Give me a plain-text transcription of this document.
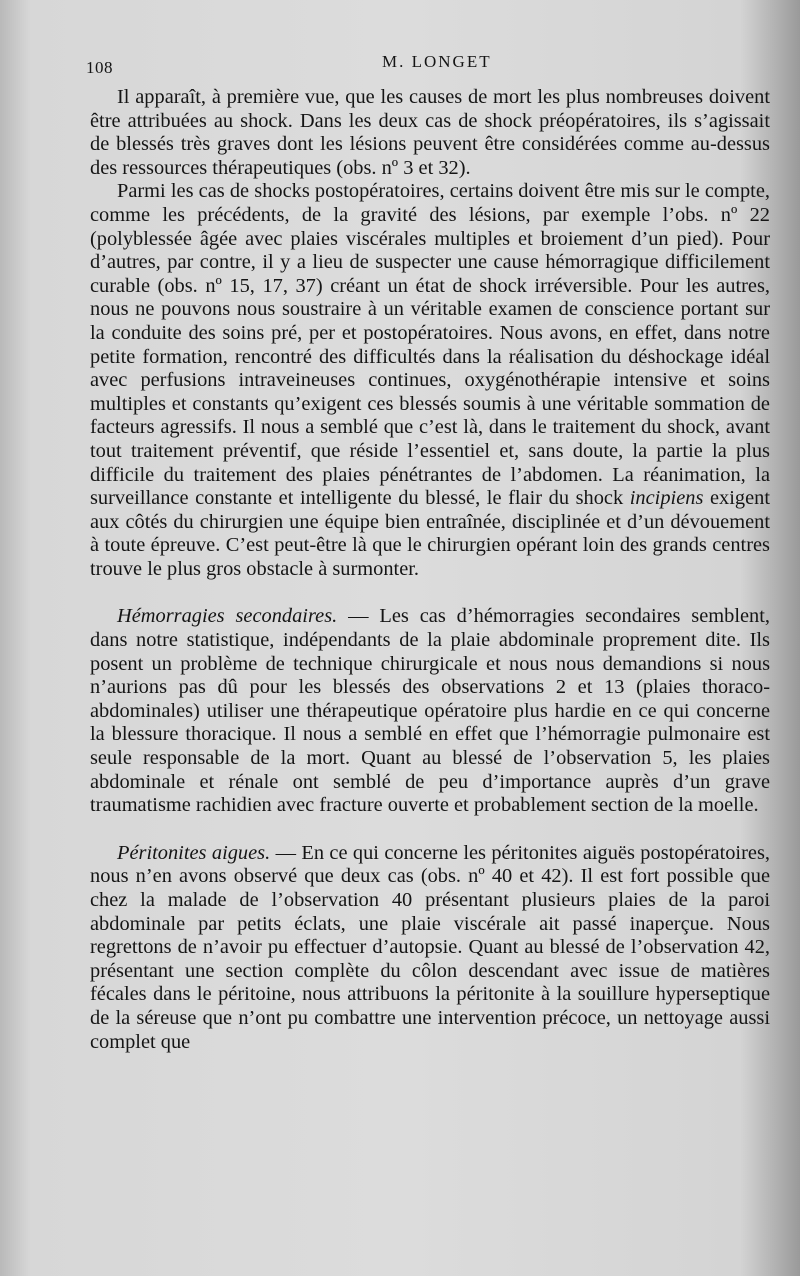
108	M. LONGET

Il apparaît, à première vue, que les causes de mort les plus nombreuses doivent être attribuées au shock. Dans les deux cas de shock préopératoires, ils s’agissait de blessés très graves dont les lésions peuvent être considérées comme au-dessus des ressources thérapeutiques (obs. nº 3 et 32).

Parmi les cas de shocks postopératoires, certains doivent être mis sur le compte, comme les précédents, de la gravité des lésions, par exemple l’obs. nº 22 (polyblessée âgée avec plaies viscérales multiples et broiement d’un pied). Pour d’autres, par contre, il y a lieu de suspecter une cause hémorragique difficilement curable (obs. nº 15, 17, 37) créant un état de shock irréversible. Pour les autres, nous ne pouvons nous soustraire à un véritable examen de conscience portant sur la conduite des soins pré, per et postopératoires. Nous avons, en effet, dans notre petite formation, rencontré des difficultés dans la réalisation du déshockage idéal avec perfusions intraveineuses continues, oxygénothérapie intensive et soins multiples et constants qu’exigent ces blessés soumis à une véritable sommation de facteurs agressifs. Il nous a semblé que c’est là, dans le traitement du shock, avant tout traitement préventif, que réside l’essentiel et, sans doute, la partie la plus difficile du traitement des plaies pénétrantes de l’abdomen. La réanimation, la surveillance constante et intelligente du blessé, le flair du shock incipiens exigent aux côtés du chirurgien une équipe bien entraînée, disciplinée et d’un dévouement à toute épreuve. C’est peut-être là que le chirurgien opérant loin des grands centres trouve le plus gros obstacle à surmonter.

Hémorragies secondaires. — Les cas d’hémorragies secondaires semblent, dans notre statistique, indépendants de la plaie abdominale proprement dite. Ils posent un problème de technique chirurgicale et nous nous demandions si nous n’aurions pas dû pour les blessés des observations 2 et 13 (plaies thoraco-abdominales) utiliser une thérapeutique opératoire plus hardie en ce qui concerne la blessure thoracique. Il nous a semblé en effet que l’hémorragie pulmonaire est seule responsable de la mort. Quant au blessé de l’observation 5, les plaies abdominale et rénale ont semblé de peu d’importance auprès d’un grave traumatisme rachidien avec fracture ouverte et probablement section de la moelle.

Péritonites aigues. — En ce qui concerne les péritonites aiguës postopératoires, nous n’en avons observé que deux cas (obs. nº 40 et 42). Il est fort possible que chez la malade de l’observation 40 présentant plusieurs plaies de la paroi abdominale par petits éclats, une plaie viscérale ait passé inaperçue. Nous regrettons de n’avoir pu effectuer d’autopsie. Quant au blessé de l’observation 42, présentant une section complète du côlon descendant avec issue de matières fécales dans le péritoine, nous attribuons la péritonite à la souillure hyperseptique de la séreuse que n’ont pu combattre une intervention précoce, un nettoyage aussi complet que
